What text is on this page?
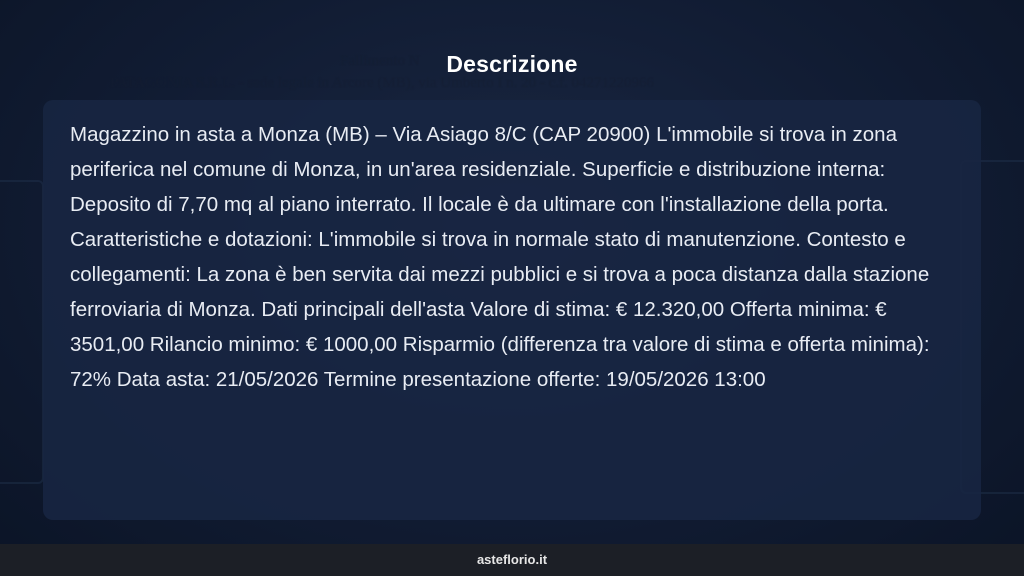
Fallimento N
PATAGONIA S.R.L. - sede legale in Arcore (MB), via Umberto I n. 20 - c.f. 04271220966
Descrizione

Magazzino in asta a Monza (MB) – Via Asiago 8/C (CAP 20900) L'immobile si trova in zona periferica nel comune di Monza, in un'area residenziale. Superficie e distribuzione interna: Deposito di 7,70 mq al piano interrato. Il locale è da ultimare con l'installazione della porta. Caratteristiche e dotazioni: L'immobile si trova in normale stato di manutenzione. Contesto e collegamenti: La zona è ben servita dai mezzi pubblici e si trova a poca distanza dalla stazione ferroviaria di Monza. Dati principali dell'asta Valore di stima: € 12.320,00 Offerta minima: € 3501,00 Rilancio minimo: € 1000,00 Risparmio (differenza tra valore di stima e offerta minima): 72% Data asta: 21/05/2026 Termine presentazione offerte: 19/05/2026 13:00

asteflorio.it
